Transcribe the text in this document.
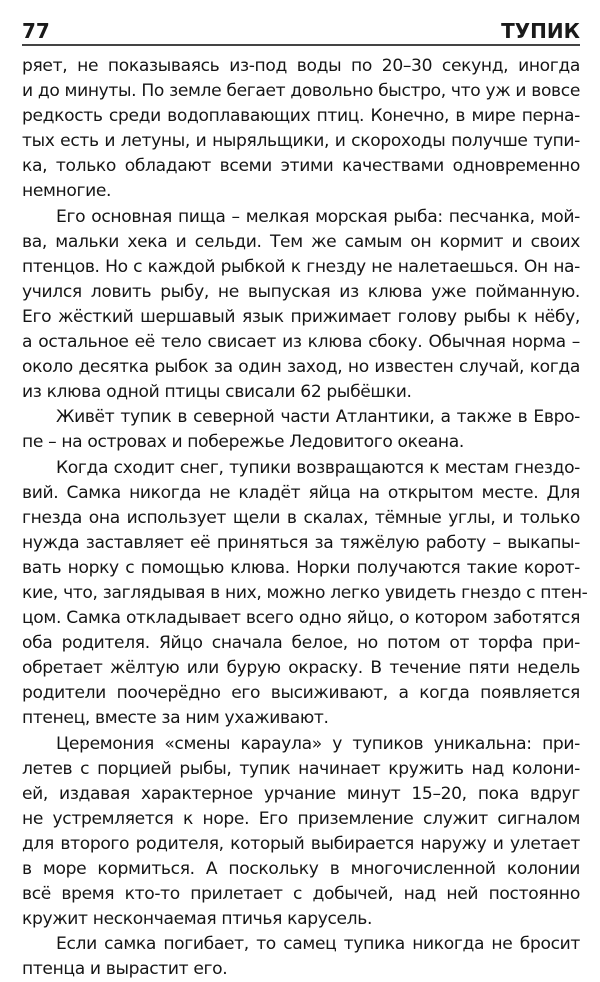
77	ТУПИК
ряет, не показываясь из-под воды по 20–30 секунд, иногда
и до минуты. По земле бегает довольно быстро, что уж и вовсе
редкость среди водоплавающих птиц. Конечно, в мире перна-
тых есть и летуны, и ныряльщики, и скороходы получше тупи-
ка, только обладают всеми этими качествами одновременно
немногие.
Его основная пища – мелкая морская рыба: песчанка, мой-
ва, мальки хека и сельди. Тем же самым он кормит и своих
птенцов. Но с каждой рыбкой к гнезду не налетаешься. Он на-
учился ловить рыбу, не выпуская из клюва уже пойманную.
Его жёсткий шершавый язык прижимает голову рыбы к нёбу,
а остальное её тело свисает из клюва сбоку. Обычная норма –
около десятка рыбок за один заход, но известен случай, когда
из клюва одной птицы свисали 62 рыбёшки.
Живёт тупик в северной части Атлантики, а также в Евро-
пе – на островах и побережье Ледовитого океана.
Когда сходит снег, тупики возвращаются к местам гнездо-
вий. Самка никогда не кладёт яйца на открытом месте. Для
гнезда она использует щели в скалах, тёмные углы, и только
нужда заставляет её приняться за тяжёлую работу – выкапы-
вать норку с помощью клюва. Норки получаются такие корот-
кие, что, заглядывая в них, можно легко увидеть гнездо с птен-
цом. Самка откладывает всего одно яйцо, о котором заботятся
оба родителя. Яйцо сначала белое, но потом от торфа при-
обретает жёлтую или бурую окраску. В течение пяти недель
родители поочерёдно его высиживают, а когда появляется
птенец, вместе за ним ухаживают.
Церемония «смены караула» у тупиков уникальна: при-
летев с порцией рыбы, тупик начинает кружить над колони-
ей, издавая характерное урчание минут 15–20, пока вдруг
не устремляется к норе. Его приземление служит сигналом
для второго родителя, который выбирается наружу и улетает
в море кормиться. А поскольку в многочисленной колонии
всё время кто-то прилетает с добычей, над ней постоянно
кружит нескончаемая птичья карусель.
Если самка погибает, то самец тупика никогда не бросит
птенца и вырастит его.
